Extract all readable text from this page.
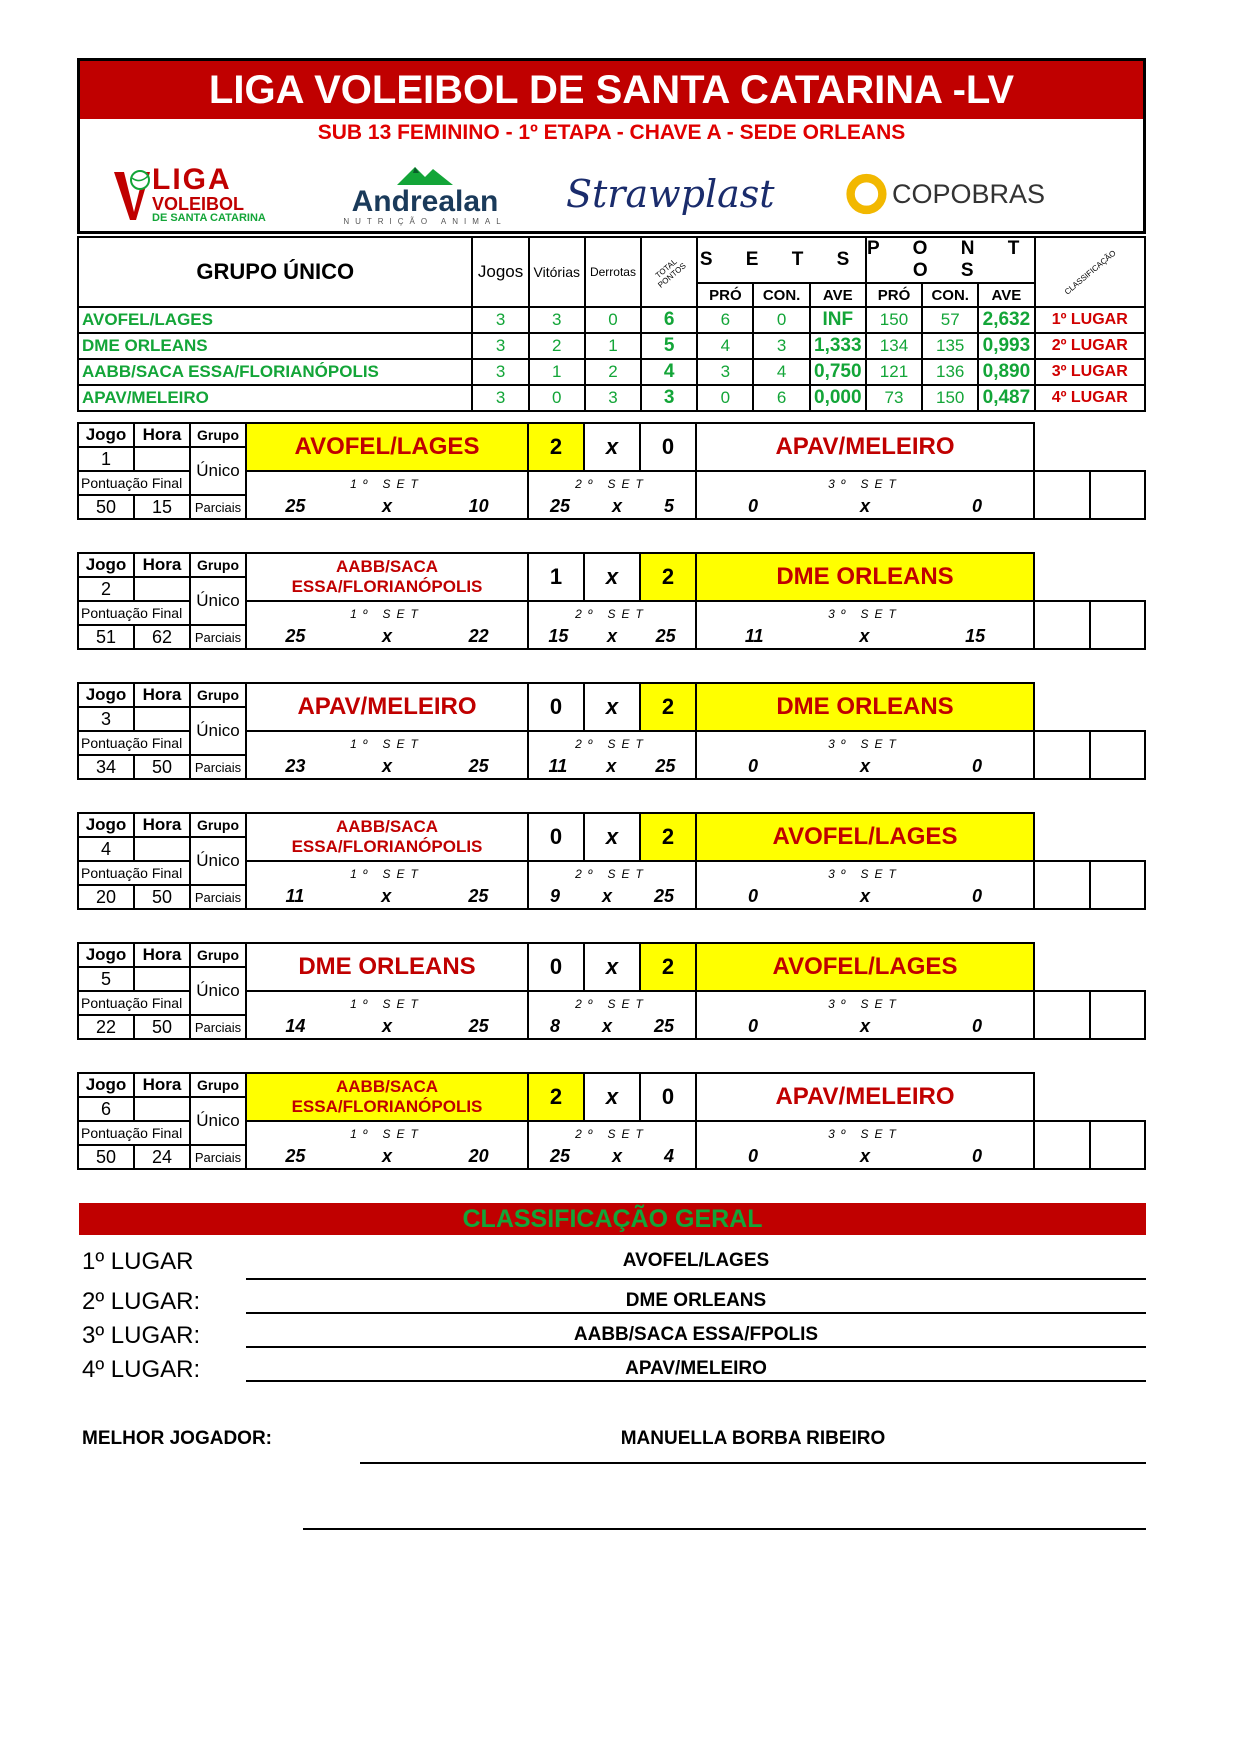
LIGA VOLEIBOL DE SANTA CATARINA -LV
SUB 13 FEMININO - 1º ETAPA - CHAVE A - SEDE ORLEANS
LIGA
VOLEIBOL
DE SANTA CATARINA	Andrealan
NUTRIÇÃO ANIMAL
Strawplast	COPOBRAS
GRUPO ÚNICO	Jogos	Vitórias	Derrotas	TOTAL PONTOS	S E T S			P O N T O S			CLASSIFICAÇÃO

					PRÓ	CON.	AVE	PRÓ	CON.	AVE	
AVOFEL/LAGES	3	3	0	6	6	0	INF	150	57	2,632	1º LUGAR
DME ORLEANS	3	2	1	5	4	3	1,333	134	135	0,993	2º LUGAR
AABB/SACA ESSA/FLORIANÓPOLIS	3	1	2	4	3	4	0,750	121	136	0,890	3º LUGAR
APAV/MELEIRO	3	0	3	3	0	6	0,000	73	150	0,487	4º LUGAR
Jogo	Hora	Grupo	AVOFEL/LAGES	2	x	0	APAV/MELEIRO		
1		Único							
Pontuação Final			1º SET	2º SET			3º SET		
50	15	Parciais	25 x 10	25 x 5			0 x 0		

Jogo	Hora	Grupo	AABB/SACA ESSA/FLORIANÓPOLIS	1	x	2	DME ORLEANS		
2		Único							
Pontuação Final			1º SET	2º SET			3º SET		
51	62	Parciais	25 x 22	15 x 25			11 x 15		

Jogo	Hora	Grupo	APAV/MELEIRO	0	x	2	DME ORLEANS		
3		Único							
Pontuação Final			1º SET	2º SET			3º SET		
34	50	Parciais	23 x 25	11 x 25			0 x 0		

Jogo	Hora	Grupo	AABB/SACA ESSA/FLORIANÓPOLIS	0	x	2	AVOFEL/LAGES		
4		Único							
Pontuação Final			1º SET	2º SET			3º SET		
20	50	Parciais	11 x 25	9 x 25			0 x 0		

Jogo	Hora	Grupo	DME ORLEANS	0	x	2	AVOFEL/LAGES		
5		Único							
Pontuação Final			1º SET	2º SET			3º SET		
22	50	Parciais	14 x 25	8 x 25			0 x 0		

Jogo	Hora	Grupo	AABB/SACA ESSA/FLORIANÓPOLIS	2	x	0	APAV/MELEIRO		
6		Único							
Pontuação Final			1º SET	2º SET			3º SET		
50	24	Parciais	25 x 20	25 x 4			0 x 0		

CLASSIFICAÇÃO GERAL
1º LUGAR	AVOFEL/LAGES
2º LUGAR:	DME ORLEANS
3º LUGAR:	AABB/SACA ESSA/FPOLIS
4º LUGAR:	APAV/MELEIRO
MELHOR JOGADOR:	MANUELLA BORBA RIBEIRO
